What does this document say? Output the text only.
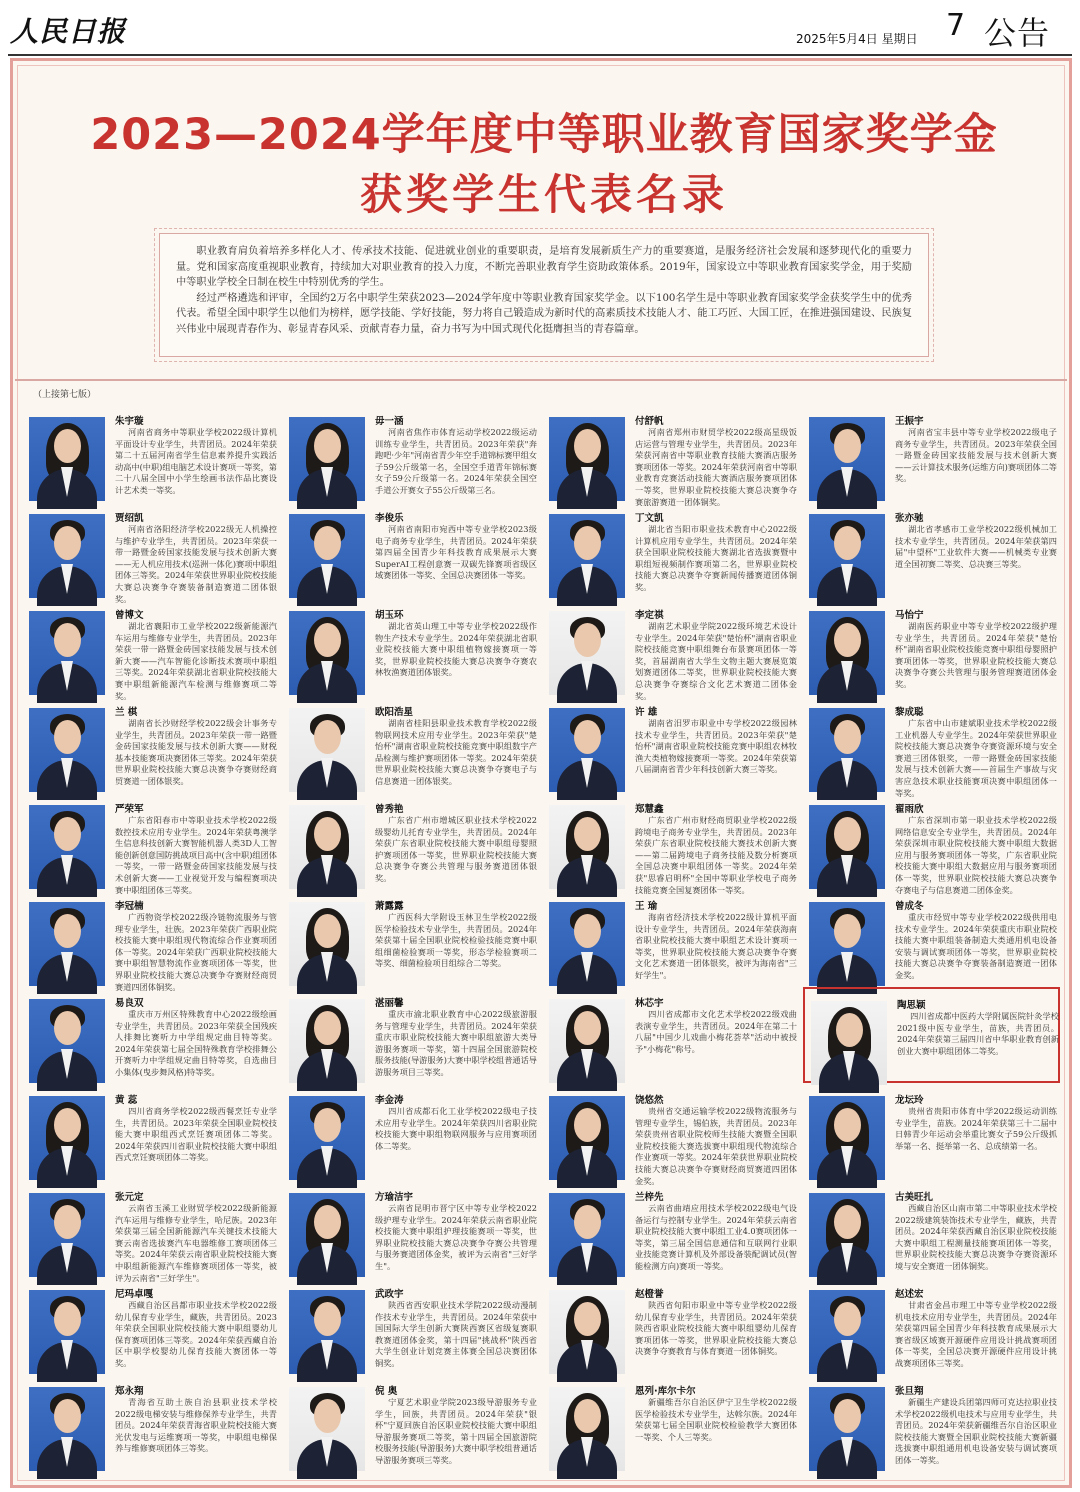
人民日报	2025年5月4日 星期日 7 公告
2023—2024学年度中等职业教育国家奖学金
获奖学生代表名录

职业教育肩负着培养多样化人才、传承技术技能、促进就业创业的重要职责，是培育发展新质生产力的重要赛道，是服务经济社会发展和逐梦现代化的重要力量。党和国家高度重视职业教育，持续加大对职业教育的投入力度，不断完善职业教育学生资助政策体系。2019年，国家设立中等职业教育国家奖学金，用于奖励中等职业学校全日制在校生中特别优秀的学生。

经过严格遴选和评审，全国约2万名中职学生荣获2023—2024学年度中等职业教育国家奖学金。以下100名学生是中等职业教育国家奖学金获奖学生中的优秀代表。希望全国中职学生以他们为榜样，愿学技能、学好技能，努力将自己锻造成为新时代的高素质技术技能人才、能工巧匠、大国工匠，在推进强国建设、民族复兴伟业中展现青春作为、彰显青春风采、贡献青春力量，奋力书写为中国式现代化挺膺担当的青春篇章。

（上接第七版）
朱宇璇
河南省商务中等职业学校2022级计算机平面设计专业学生，共青团员。2024年荣获第二十五届河南省学生信息素养提升实践活动高中(中职)组电脑艺术设计赛项一等奖，第二十八届全国中小学生绘画书法作品比赛设计艺术类一等奖。
毋一涵
河南省焦作市体育运动学校2022级运动训练专业学生，共青团员。2023年荣获"奔跑吧·少年"河南省青少年空手道锦标赛甲组女子59公斤级第一名，全国空手道青年锦标赛女子59公斤级第一名。2024年荣获全国空手道公开赛女子55公斤级第三名。
付舒帆
河南省郑州市财贸学校2022级高星级饭店运营与管理专业学生，共青团员。2023年荣获河南省中等职业教育技能大赛酒店服务赛项团体一等奖。2024年荣获河南省中等职业教育竞赛活动技能大赛酒店服务赛项团体一等奖，世界职业院校技能大赛总决赛争夺赛旅游赛道一团体铜奖。
王振宇
河南省宝丰县中等专业学校2022级电子商务专业学生，共青团员。2023年荣获全国一路暨金砖国家技能发展与技术创新大赛——云计算技术服务(运维方向)赛项团体二等奖。
贾绍凯
河南省洛阳经济学校2022级无人机操控与维护专业学生，共青团员。2023年荣获一带一路暨金砖国家技能发展与技术创新大赛——无人机应用技术(巡洲一体化)赛项中职组团体三等奖。2024年荣获世界职业院校技能大赛总决赛争夺赛装备制造赛道二团体银奖。
李俊乐
河南省南阳市宛西中等专业学校2023级电子商务专业学生，共青团员。2024年荣获第四届全国青少年科技教育成果展示大赛SuperAI工程创意赛一双碳先锋赛项省级区域赛团体一等奖、全国总决赛团体一等奖。
丁文凯
湖北省当阳市职业技术教育中心2022级计算机应用专业学生，共青团员。2024年荣获全国职业院校技能大赛湖北省选拔赛暨中职组短视频制作赛项第二名，世界职业院校技能大赛总决赛争夺赛新闻传播赛道团体铜奖。
张亦驰
湖北省孝感市工业学校2022级机械加工技术专业学生，共青团员。2024年荣获第四届"中望杯"工业软件大赛——机械类专业赛道全国初赛二等奖、总决赛三等奖。
曾博文
湖北省襄阳市工业学校2022级新能源汽车运用与维修专业学生，共青团员。2023年荣获一带一路暨金砖国家技能发展与技术创新大赛——汽车智能化诊断技术赛项中职组三等奖。2024年荣获湖北省职业院校技能大赛中职组新能源汽车检测与维修赛项二等奖。
胡玉环
湖北省英山理工中等专业学校2022级作物生产技术专业学生。2024年荣获湖北省职业院校技能大赛中职组植物嫁接赛项一等奖，世界职业院校技能大赛总决赛争夺赛农林牧渔赛道团体银奖。
李定祺
湖南艺术职业学院2022级环境艺术设计专业学生。2024年荣获"楚怡杯"湖南省职业院校技能竞赛中职组舞台布景赛项团体一等奖，首届湖南省大学生文物主题大赛展览策划赛道团体二等奖，世界职业院校技能大赛总决赛争夺赛综合文化艺术赛道二团体金奖。
马怡宁
湖南医药职业中等专业学校2022级护理专业学生，共青团员。2024年荣获"楚怡杯"湖南省职业院校技能竞赛中职组母婴照护赛项团体一等奖，世界职业院校技能大赛总决赛争夺赛公共管理与服务管理赛道团体金奖。
兰 棋
湖南省长沙财经学校2022级会计事务专业学生，共青团员。2023年荣获一带一路暨金砖国家技能发展与技术创新大赛——财税基本技能赛项决赛团体三等奖。2024年荣获世界职业院校技能大赛总决赛争夺赛财经商贸赛道一团体银奖。
欧阳浩星
湖南省桂阳县职业技术教育学校2022级物联网技术应用专业学生。2023年荣获"楚怡杯"湖南省职业院校技能竞赛中职组数字产品检测与维护赛项团体一等奖。2024年荣获世界职业院校技能大赛总决赛争夺赛电子与信息赛道一团体银奖。
许 雄
湖南省汨罗市职业中专学校2022级园林技术专业学生，共青团员。2023年荣获"楚怡杯"湖南省职业院校技能竞赛中职组农林牧渔大类植物嫁接赛项一等奖。2024年荣获第八届湖南省青少年科技创新大赛三等奖。
黎成聪
广东省中山市建斌职业技术学校2022级工业机器人专业学生。2024年荣获世界职业院校技能大赛总决赛争夺赛资源环境与安全赛道三团体银奖，一带一路暨金砖国家技能发展与技术创新大赛——首届生产事故与灾害应急技术职业技能赛项决赛中职组团体一等奖。
严荣军
广东省阳春市中等职业技术学校2022级数控技术应用专业学生。2024年荣获粤澳学生信息科技创新大赛智能机器人类3D人工智能创新创意国防挑战项目高中(含中职)组团体一等奖，一带一路暨金砖国家技能发展与技术创新大赛——工业视觉开发与编程赛项决赛中职组团体三等奖。
曾秀艳
广东省广州市增城区职业技术学校2022级婴幼儿托育专业学生，共青团员。2024年荣获广东省职业院校技能大赛中职组母婴照护赛项团体一等奖，世界职业院校技能大赛总决赛争夺赛公共管理与服务赛道团体银奖。
郑慧鑫
广东省广州市财经商贸职业学校2022级跨境电子商务专业学生，共青团员。2023年荣获广东省职业院校技能大赛技术创新大赛——第二届跨境电子商务技能及数分析赛项全国总决赛中职组团体一等奖。2024年荣获"思睿启明杯"全国中等职业学校电子商务技能竞赛全国复赛团体一等奖。
翟雨欣
广东省深圳市第一职业技术学校2022级网络信息安全专业学生，共青团员。2024年荣获深圳市职业院校技能大赛中职组大数据应用与服务赛项团体一等奖，广东省职业院校技能大赛中职组大数据应用与服务赛项团体一等奖，世界职业院校技能大赛总决赛争夺赛电子与信息赛道二团体金奖。
李冠楠
广西物资学校2022级冷链物流服务与管理专业学生，壮族。2023年荣获广西职业院校技能大赛中职组现代物流综合作业赛项团体一等奖。2024年荣获广西职业院校技能大赛中职组智慧物流作业赛项团体一等奖，世界职业院校技能大赛总决赛争夺赛财经商贸赛道四团体铜奖。
萧露露
广西医科大学附设玉林卫生学校2022级医学检验技术专业学生，共青团员。2024年荣获第十届全国职业院校检验技能竞赛中职组细菌检验赛项一等奖，形态学检验赛项二等奖、细菌检验项目组综合二等奖。
王 瑜
海南省经济技术学校2022级计算机平面设计专业学生，共青团员。2024年荣获海南省职业院校技能大赛中职组艺术设计赛项一等奖，世界职业院校技能大赛总决赛争夺赛文化艺术赛道一团体银奖，被评为海南省"三好学生"。
曾成冬
重庆市经贸中等专业学校2022级供用电技术专业学生。2024年荣获重庆市职业院校技能大赛中职组装备制造大类通用机电设备安装与调试赛项团体一等奖，世界职业院校技能大赛总决赛争夺赛装备制造赛道一团体金奖。
易良双
重庆市万州区特殊教育中心2022级绘画专业学生，共青团员。2023年荣获全国残疾人排舞比赛听力中学组规定曲目特等奖。2024年荣获第七届全国特殊教育学校排舞公开赛听力中学组规定曲目特等奖，自选曲目小集体(曳步舞风格)特等奖。
湛丽馨
重庆市渝北职业教育中心2022级旅游服务与管理专业学生，共青团员。2024年荣获重庆市职业院校技能大赛中职组旅游大类导游服务赛项一等奖，第十四届全国旅游院校服务技能(导游服务)大赛中职学校组普通话导游服务项目三等奖。
林芯宇
四川省成都市文化艺术学校2022级戏曲表演专业学生，共青团员。2024年在第二十八届"中国少儿戏曲小梅花荟萃"活动中被授予"小梅花"称号。
陶思颖
四川省成都中医药大学附属医院针灸学校2021级中医专业学生，苗族，共青团员。2024年荣获第三届四川省中华职业教育创新创业大赛中职组团体二等奖。
黄 蕊
四川省商务学校2022级西餐烹饪专业学生，共青团员。2023年荣获全国职业院校技能大赛中职组西式烹饪赛项团体二等奖。2024年荣获四川省职业院校技能大赛中职组西式烹饪赛项团体二等奖。
李金涛
四川省成都石化工业学校2022级电子技术应用专业学生。2024年荣获四川省职业院校技能大赛中职组物联网服务与应用赛项团体二等奖。
饶悠然
贵州省交通运输学校2022级物流服务与管理专业学生，锡伯族，共青团员。2023年荣获贵州省职业院校师生技能大赛暨全国职业院校技能大赛选拔赛中职组现代物流综合作业赛项一等奖。2024年荣获世界职业院校技能大赛总决赛争夺赛财经商贸赛道四团体金奖。
龙坛玲
贵州省贵阳市体育中学2022级运动训练专业学生，苗族。2024年荣获第三十二届中日韩青少年运动会举重比赛女子59公斤级抓举第一名、挺举第一名、总成绩第一名。
张元定
云南省玉溪工业财贸学校2022级新能源汽车运用与维修专业学生，哈尼族。2023年荣获第三届全国新能源汽车关键技术技能大赛云南省选拔赛汽车电器维修工赛项团体三等奖。2024年荣获云南省职业院校技能大赛中职组新能源汽车维修赛项团体一等奖，被评为云南省"三好学生"。
方瑜洁宇
云南省昆明市晋宁区中等专业学校2022级护理专业学生。2024年荣获云南省职业院校技能大赛中职组护理技能赛项一等奖，世界职业院校技能大赛总决赛争夺赛公共管理与服务赛道团体金奖，被评为云南省"三好学生"。
兰梓先
云南省曲靖应用技术学校2022级电气设备运行与控制专业学生。2024年荣获云南省职业院校技能大赛中职组工业4.0赛项团体一等奖，第三届全国信息通信和互联网行业职业技能竞赛计算机及外部设备装配调试员(智能检测方向)赛项一等奖。
古美旺扎
西藏自治区山南市第二中等职业技术学校2022级建筑装饰技术专业学生，藏族，共青团员。2024年荣获西藏自治区职业院校技能大赛中职组工程测量技能赛项团体一等奖，世界职业院校技能大赛总决赛争夺赛资源环境与安全赛道一团体铜奖。
尼玛卓嘎
西藏自治区昌都市职业技术学校2022级幼儿保育专业学生，藏族，共青团员。2023年荣获全国职业院校技能大赛中职组婴幼儿保育赛项团体三等奖。2024年荣获西藏自治区中职学校婴幼儿保育技能大赛团体一等奖。
武政宇
陕西省西安职业技术学院2022级动漫制作技术专业学生，共青团员。2024年荣获中国国际大学生创新大赛陕西赛区省级复赛职教赛道团体金奖，第十四届"挑战杯"陕西省大学生创业计划竞赛主体赛全国总决赛团体铜奖。
赵橙誉
陕西省旬阳市职业中等专业学校2022级幼儿保育专业学生，共青团员。2024年荣获陕西省职业院校技能大赛中职组婴幼儿保育赛项团体一等奖，世界职业院校技能大赛总决赛争夺赛教育与体育赛道一团体铜奖。
赵述宏
甘肃省金昌市理工中等专业学校2022级机电技术应用专业学生，共青团员。2024年荣获第四届全国青少年科技教育成果展示大赛省级区域赛开源硬件应用设计挑战赛项团体一等奖，全国总决赛开源硬件应用设计挑战赛项团体三等奖。
郑永翔
青海省互助土族自治县职业技术学校2022级电梯安装与维修保养专业学生，共青团员。2024年荣获青海省职业院校技能大赛光伏发电与运维赛项一等奖，中职组电梯保养与维修赛项团体三等奖。
倪 奥
宁夏艺术职业学院2023级导游服务专业学生，回族，共青团员。2024年荣获"银杯"宁夏回族自治区职业院校技能大赛中职组导游服务赛项二等奖，第十四届全国旅游院校服务技能(导游服务)大赛中职学校组普通话导游服务赛项三等奖。
恩列·库尔卡尔
新疆维吾尔自治区伊宁卫生学校2022级医学检验技术专业学生，达斡尔族。2024年荣获第七届全国职业院校检验教学大赛团体一等奖、个人三等奖。
张旦翔
新疆生产建设兵团第四师可克达拉职业技术学校2022级机电技术与应用专业学生，共青团员。2024年荣获新疆维吾尔自治区职业院校技能大赛暨全国职业院校技能大赛新疆选拔赛中职组通用机电设备安装与调试赛项团体一等奖。
